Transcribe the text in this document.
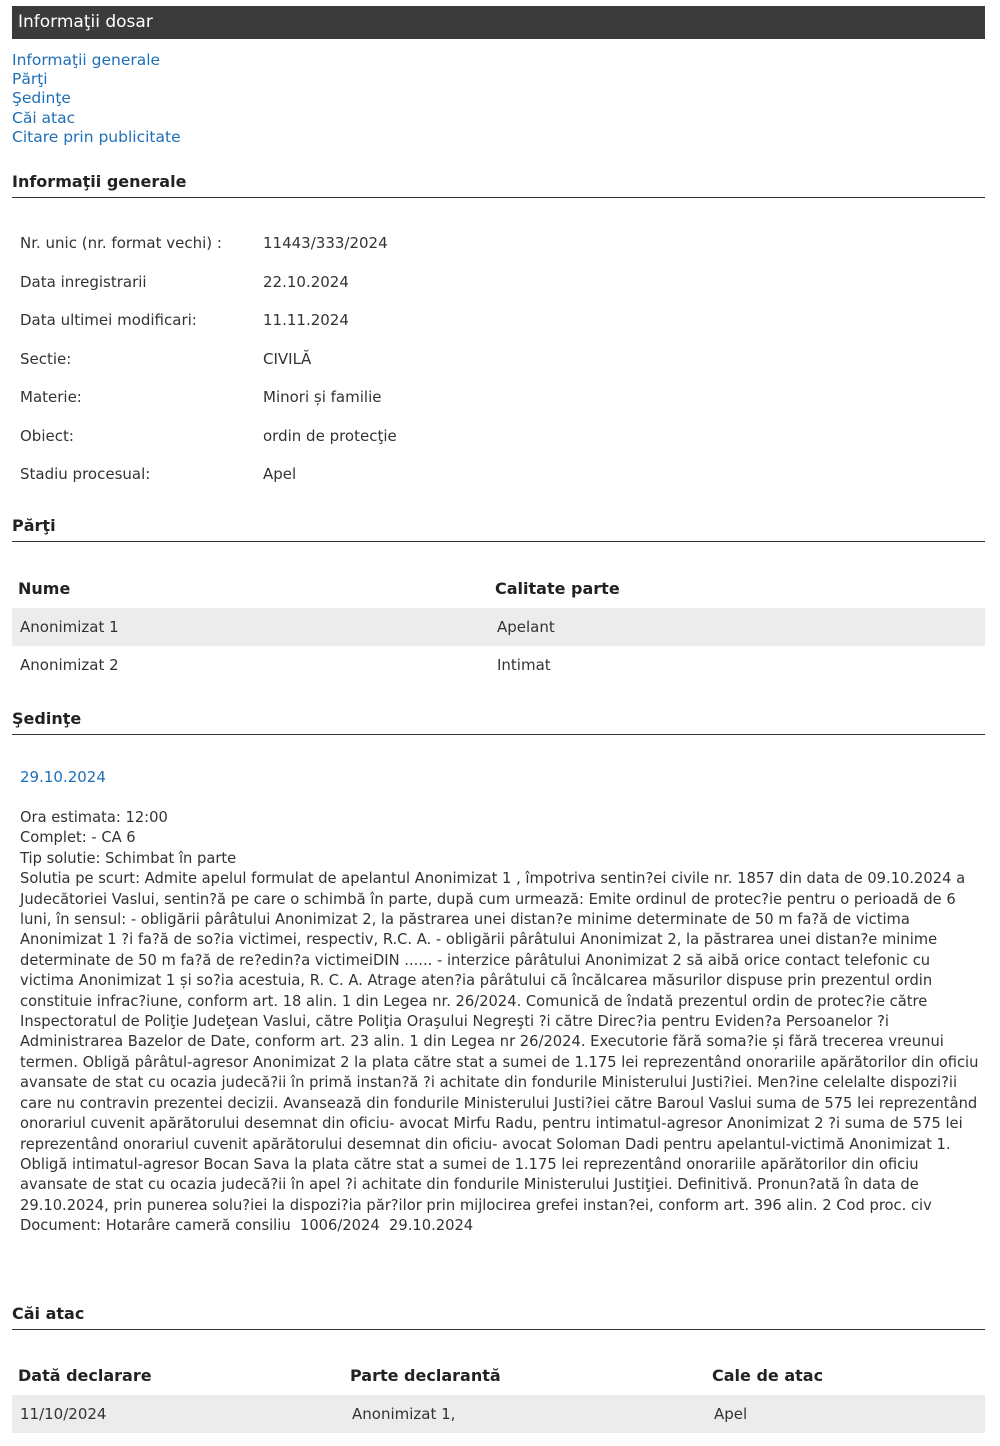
Informaţii dosar
Informaţii generale
Părţi
Şedinţe
Căi atac
Citare prin publicitate
Informaţii generale
Nr. unic (nr. format vechi) :	11443/333/2024
Data inregistrarii	22.10.2024
Data ultimei modificari:	11.11.2024
Sectie:	CIVILĂ
Materie:	Minori și familie
Obiect:	ordin de protecţie
Stadiu procesual:	Apel
Părţi
Nume	Calitate parte
Anonimizat 1	Apelant
Anonimizat 2	Intimat
Şedinţe
29.10.2024
Ora estimata: 12:00
Complet: - CA 6
Tip solutie: Schimbat în parte
Solutia pe scurt: Admite apelul formulat de apelantul Anonimizat 1 , împotriva sentin?ei civile nr. 1857 din data de 09.10.2024 a Judecătoriei Vaslui, sentin?ă pe care o schimbă în parte, după cum urmează: Emite ordinul de protec?ie pentru o perioadă de 6 luni, în sensul: - obligării pârâtului Anonimizat 2, la păstrarea unei distan?e minime determinate de 50 m fa?ă de victima Anonimizat 1 ?i fa?ă de so?ia victimei, respectiv, R.C. A. - obligării pârâtului Anonimizat 2, la păstrarea unei distan?e minime determinate de 50 m fa?ă de re?edin?a victimeiDIN ...... - interzice pârâtului Anonimizat 2 să aibă orice contact telefonic cu victima Anonimizat 1 și so?ia acestuia, R. C. A. Atrage aten?ia pârâtului că încălcarea măsurilor dispuse prin prezentul ordin constituie infrac?iune, conform art. 18 alin. 1 din Legea nr. 26/2024. Comunică de îndată prezentul ordin de protec?ie către Inspectoratul de Poliţie Judeţean Vaslui, către Poliţia Oraşului Negreşti ?i către Direc?ia pentru Eviden?a Persoanelor ?i Administrarea Bazelor de Date, conform art. 23 alin. 1 din Legea nr 26/2024. Executorie fără soma?ie și fără trecerea vreunui termen. Obligă pârâtul-agresor Anonimizat 2 la plata către stat a sumei de 1.175 lei reprezentând onorariile apărătorilor din oficiu avansate de stat cu ocazia judecă?ii în primă instan?ă ?i achitate din fondurile Ministerului Justi?iei. Men?ine celelalte dispozi?ii care nu contravin prezentei decizii. Avansează din fondurile Ministerului Justi?iei către Baroul Vaslui suma de 575 lei reprezentând onorariul cuvenit apărătorului desemnat din oficiu- avocat Mirfu Radu, pentru intimatul-agresor Anonimizat 2 ?i suma de 575 lei reprezentând onorariul cuvenit apărătorului desemnat din oficiu- avocat Soloman Dadi pentru apelantul-victimă Anonimizat 1. Obligă intimatul-agresor Bocan Sava la plata către stat a sumei de 1.175 lei reprezentând onorariile apărătorilor din oficiu avansate de stat cu ocazia judecă?ii în apel ?i achitate din fondurile Ministerului Justiţiei. Definitivă. Pronun?ată în data de 29.10.2024, prin punerea solu?iei la dispozi?ia păr?ilor prin mijlocirea grefei instan?ei, conform art. 396 alin. 2 Cod proc. civ
Document: Hotarâre cameră consiliu  1006/2024  29.10.2024
Căi atac
Dată declarare	Parte declarantă	Cale de atac
11/10/2024	Anonimizat 1,	Apel
